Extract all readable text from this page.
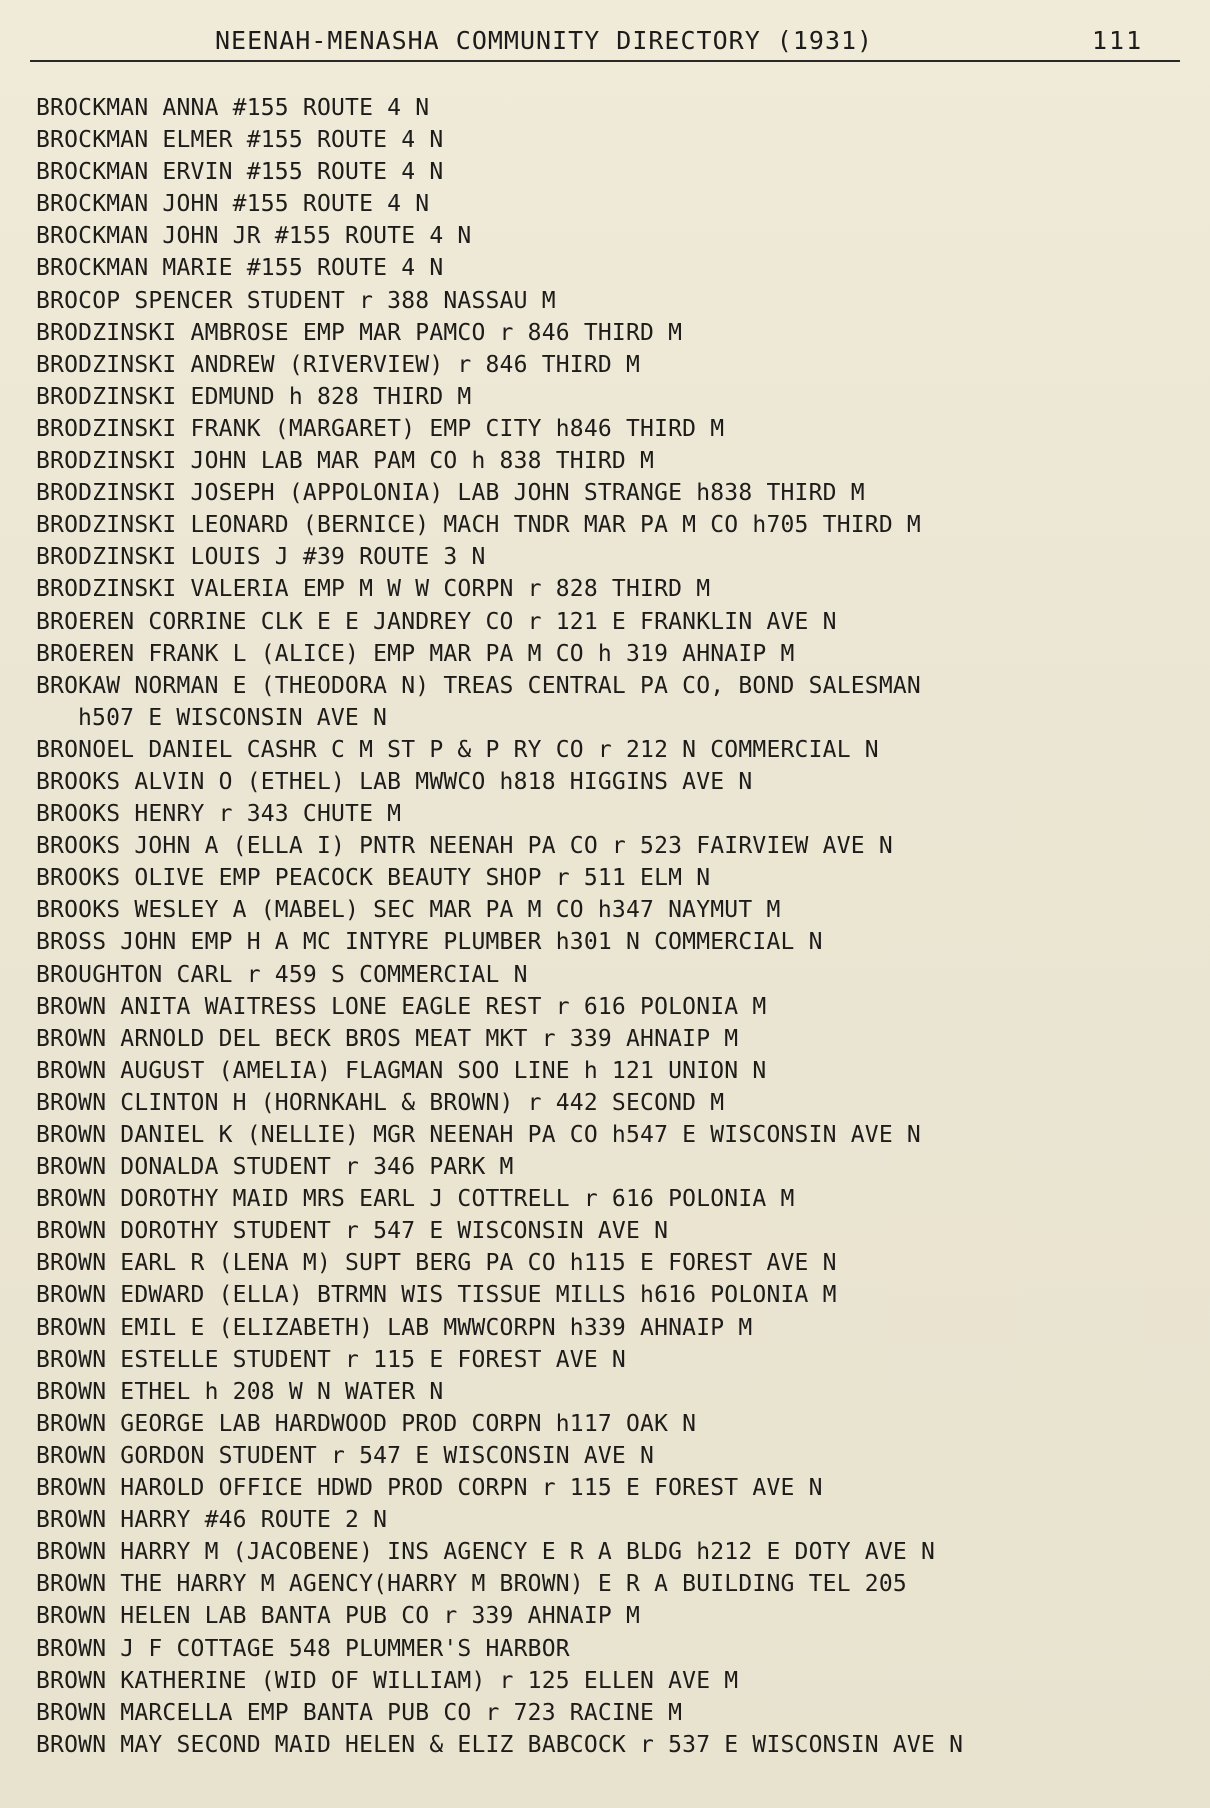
NEENAH-MENASHA COMMUNITY DIRECTORY (1931)	111
BROCKMAN ANNA #155 ROUTE 4 N
BROCKMAN ELMER #155 ROUTE 4 N
BROCKMAN ERVIN #155 ROUTE 4 N
BROCKMAN JOHN #155 ROUTE 4 N
BROCKMAN JOHN JR #155 ROUTE 4 N
BROCKMAN MARIE #155 ROUTE 4 N
BROCOP SPENCER STUDENT r 388 NASSAU M
BRODZINSKI AMBROSE EMP MAR PAMCO r 846 THIRD M
BRODZINSKI ANDREW (RIVERVIEW) r 846 THIRD M
BRODZINSKI EDMUND h 828 THIRD M
BRODZINSKI FRANK (MARGARET) EMP CITY h846 THIRD M
BRODZINSKI JOHN LAB MAR PAM CO h 838 THIRD M
BRODZINSKI JOSEPH (APPOLONIA) LAB JOHN STRANGE h838 THIRD M
BRODZINSKI LEONARD (BERNICE) MACH TNDR MAR PA M CO h705 THIRD M
BRODZINSKI LOUIS J #39 ROUTE 3 N
BRODZINSKI VALERIA EMP M W W CORPN r 828 THIRD M
BROEREN CORRINE CLK E E JANDREY CO r 121 E FRANKLIN AVE N
BROEREN FRANK L (ALICE) EMP MAR PA M CO h 319 AHNAIP M
BROKAW NORMAN E (THEODORA N) TREAS CENTRAL PA CO, BOND SALESMAN
h507 E WISCONSIN AVE N
BRONOEL DANIEL CASHR C M ST P & P RY CO r 212 N COMMERCIAL N
BROOKS ALVIN O (ETHEL) LAB MWWCO h818 HIGGINS AVE N
BROOKS HENRY r 343 CHUTE M
BROOKS JOHN A (ELLA I) PNTR NEENAH PA CO r 523 FAIRVIEW AVE N
BROOKS OLIVE EMP PEACOCK BEAUTY SHOP r 511 ELM N
BROOKS WESLEY A (MABEL) SEC MAR PA M CO h347 NAYMUT M
BROSS JOHN EMP H A MC INTYRE PLUMBER h301 N COMMERCIAL N
BROUGHTON CARL r 459 S COMMERCIAL N
BROWN ANITA WAITRESS LONE EAGLE REST r 616 POLONIA M
BROWN ARNOLD DEL BECK BROS MEAT MKT r 339 AHNAIP M
BROWN AUGUST (AMELIA) FLAGMAN SOO LINE h 121 UNION N
BROWN CLINTON H (HORNKAHL & BROWN) r 442 SECOND M
BROWN DANIEL K (NELLIE) MGR NEENAH PA CO h547 E WISCONSIN AVE N
BROWN DONALDA STUDENT r 346 PARK M
BROWN DOROTHY MAID MRS EARL J COTTRELL r 616 POLONIA M
BROWN DOROTHY STUDENT r 547 E WISCONSIN AVE N
BROWN EARL R (LENA M) SUPT BERG PA CO h115 E FOREST AVE N
BROWN EDWARD (ELLA) BTRMN WIS TISSUE MILLS h616 POLONIA M
BROWN EMIL E (ELIZABETH) LAB MWWCORPN h339 AHNAIP M
BROWN ESTELLE STUDENT r 115 E FOREST AVE N
BROWN ETHEL h 208 W N WATER N
BROWN GEORGE LAB HARDWOOD PROD CORPN h117 OAK N
BROWN GORDON STUDENT r 547 E WISCONSIN AVE N
BROWN HAROLD OFFICE HDWD PROD CORPN r 115 E FOREST AVE N
BROWN HARRY #46 ROUTE 2 N
BROWN HARRY M (JACOBENE) INS AGENCY E R A BLDG h212 E DOTY AVE N
BROWN THE HARRY M AGENCY(HARRY M BROWN) E R A BUILDING TEL 205
BROWN HELEN LAB BANTA PUB CO r 339 AHNAIP M
BROWN J F COTTAGE 548 PLUMMER'S HARBOR
BROWN KATHERINE (WID OF WILLIAM) r 125 ELLEN AVE M
BROWN MARCELLA EMP BANTA PUB CO r 723 RACINE M
BROWN MAY SECOND MAID HELEN & ELIZ BABCOCK r 537 E WISCONSIN AVE N
